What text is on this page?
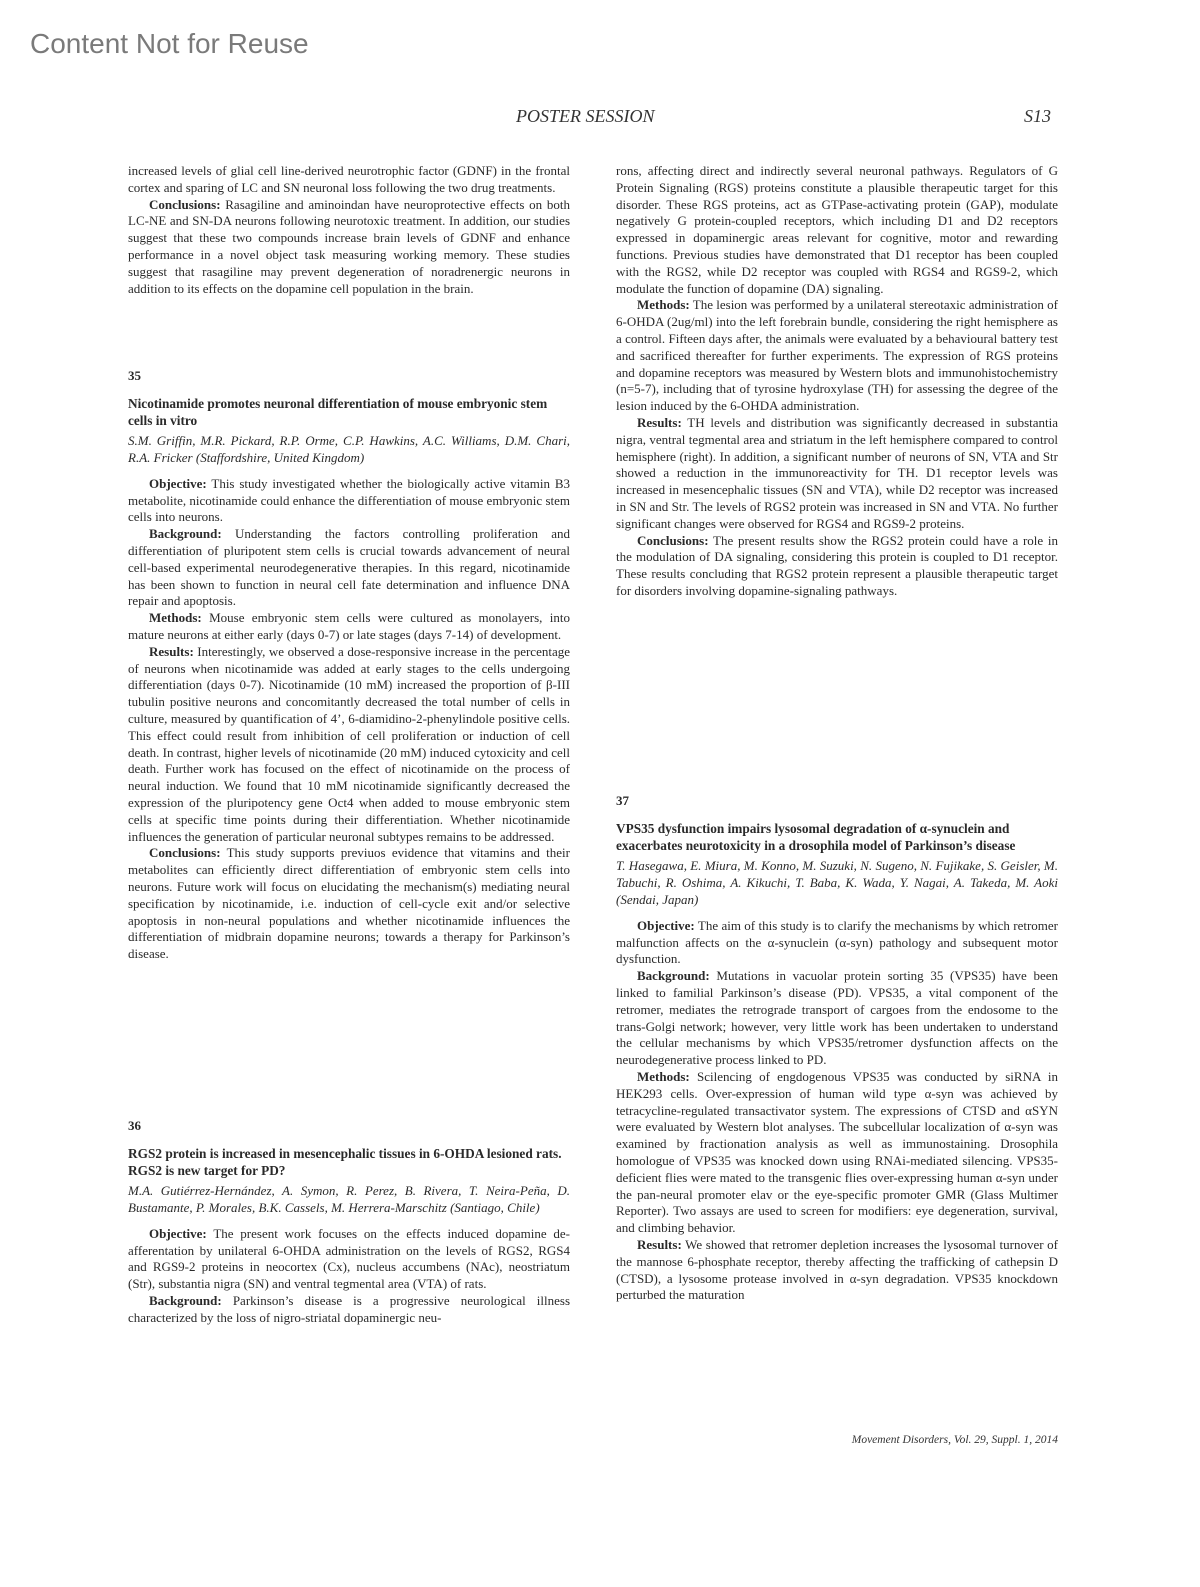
Content Not for Reuse
POSTER SESSION	S13

increased levels of glial cell line-derived neurotrophic factor (GDNF) in the frontal cortex and sparing of LC and SN neuronal loss following the two drug treatments.

Conclusions: Rasagiline and aminoindan have neuroprotective effects on both LC-NE and SN-DA neurons following neurotoxic treatment. In addition, our studies suggest that these two compounds increase brain levels of GDNF and enhance performance in a novel object task measuring working memory. These studies suggest that rasagiline may prevent degeneration of noradrenergic neurons in addition to its effects on the dopamine cell population in the brain.

35
Nicotinamide promotes neuronal differentiation of mouse embryonic stem cells in vitro
S.M. Griffin, M.R. Pickard, R.P. Orme, C.P. Hawkins, A.C. Williams, D.M. Chari, R.A. Fricker (Staffordshire, United Kingdom)

Objective: This study investigated whether the biologically active vitamin B3 metabolite, nicotinamide could enhance the differentiation of mouse embryonic stem cells into neurons.

Background: Understanding the factors controlling proliferation and differentiation of pluripotent stem cells is crucial towards advancement of neural cell-based experimental neurodegenerative therapies. In this regard, nicotinamide has been shown to function in neural cell fate determination and influence DNA repair and apoptosis.

Methods: Mouse embryonic stem cells were cultured as monolayers, into mature neurons at either early (days 0-7) or late stages (days 7-14) of development.

Results: Interestingly, we observed a dose-responsive increase in the percentage of neurons when nicotinamide was added at early stages to the cells undergoing differentiation (days 0-7). Nicotinamide (10 mM) increased the proportion of β-III tubulin positive neurons and concomitantly decreased the total number of cells in culture, measured by quantification of 4’, 6-diamidino-2-phenylindole positive cells. This effect could result from inhibition of cell proliferation or induction of cell death. In contrast, higher levels of nicotinamide (20 mM) induced cytoxicity and cell death. Further work has focused on the effect of nicotinamide on the process of neural induction. We found that 10 mM nicotinamide significantly decreased the expression of the pluripotency gene Oct4 when added to mouse embryonic stem cells at specific time points during their differentiation. Whether nicotinamide influences the generation of particular neuronal subtypes remains to be addressed.

Conclusions: This study supports previuos evidence that vitamins and their metabolites can efficiently direct differentiation of embryonic stem cells into neurons. Future work will focus on elucidating the mechanism(s) mediating neural specification by nicotinamide, i.e. induction of cell-cycle exit and/or selective apoptosis in non-neural populations and whether nicotinamide influences the differentiation of midbrain dopamine neurons; towards a therapy for Parkinson’s disease.

36
RGS2 protein is increased in mesencephalic tissues in 6-OHDA lesioned rats. RGS2 is new target for PD?
M.A. Gutiérrez-Hernández, A. Symon, R. Perez, B. Rivera, T. Neira-Peña, D. Bustamante, P. Morales, B.K. Cassels, M. Herrera-Marschitz (Santiago, Chile)

Objective: The present work focuses on the effects induced dopamine de-afferentation by unilateral 6-OHDA administration on the levels of RGS2, RGS4 and RGS9-2 proteins in neocortex (Cx), nucleus accumbens (NAc), neostriatum (Str), substantia nigra (SN) and ventral tegmental area (VTA) of rats.

Background: Parkinson’s disease is a progressive neurological illness characterized by the loss of nigro-striatal dopaminergic neu-

rons, affecting direct and indirectly several neuronal pathways. Regulators of G Protein Signaling (RGS) proteins constitute a plausible therapeutic target for this disorder. These RGS proteins, act as GTPase-activating protein (GAP), modulate negatively G protein-coupled receptors, which including D1 and D2 receptors expressed in dopaminergic areas relevant for cognitive, motor and rewarding functions. Previous studies have demonstrated that D1 receptor has been coupled with the RGS2, while D2 receptor was coupled with RGS4 and RGS9-2, which modulate the function of dopamine (DA) signaling.

Methods: The lesion was performed by a unilateral stereotaxic administration of 6-OHDA (2ug/ml) into the left forebrain bundle, considering the right hemisphere as a control. Fifteen days after, the animals were evaluated by a behavioural battery test and sacrificed thereafter for further experiments. The expression of RGS proteins and dopamine receptors was measured by Western blots and immunohistochemistry (n=5-7), including that of tyrosine hydroxylase (TH) for assessing the degree of the lesion induced by the 6-OHDA administration.

Results: TH levels and distribution was significantly decreased in substantia nigra, ventral tegmental area and striatum in the left hemisphere compared to control hemisphere (right). In addition, a significant number of neurons of SN, VTA and Str showed a reduction in the immunoreactivity for TH. D1 receptor levels was increased in mesencephalic tissues (SN and VTA), while D2 receptor was increased in SN and Str. The levels of RGS2 protein was increased in SN and VTA. No further significant changes were observed for RGS4 and RGS9-2 proteins.

Conclusions: The present results show the RGS2 protein could have a role in the modulation of DA signaling, considering this protein is coupled to D1 receptor. These results concluding that RGS2 protein represent a plausible therapeutic target for disorders involving dopamine-signaling pathways.

37
VPS35 dysfunction impairs lysosomal degradation of α-synuclein and exacerbates neurotoxicity in a drosophila model of Parkinson’s disease
T. Hasegawa, E. Miura, M. Konno, M. Suzuki, N. Sugeno, N. Fujikake, S. Geisler, M. Tabuchi, R. Oshima, A. Kikuchi, T. Baba, K. Wada, Y. Nagai, A. Takeda, M. Aoki (Sendai, Japan)

Objective: The aim of this study is to clarify the mechanisms by which retromer malfunction affects on the α-synuclein (α-syn) pathology and subsequent motor dysfunction.

Background: Mutations in vacuolar protein sorting 35 (VPS35) have been linked to familial Parkinson’s disease (PD). VPS35, a vital component of the retromer, mediates the retrograde transport of cargoes from the endosome to the trans-Golgi network; however, very little work has been undertaken to understand the cellular mechanisms by which VPS35/retromer dysfunction affects on the neurodegenerative process linked to PD.

Methods: Scilencing of engdogenous VPS35 was conducted by siRNA in HEK293 cells. Over-expression of human wild type α-syn was achieved by tetracycline-regulated transactivator system. The expressions of CTSD and αSYN were evaluated by Western blot analyses. The subcellular localization of α-syn was examined by fractionation analysis as well as immunostaining. Drosophila homologue of VPS35 was knocked down using RNAi-mediated silencing. VPS35-deficient flies were mated to the transgenic flies over-expressing human α-syn under the pan-neural promoter elav or the eye-specific promoter GMR (Glass Multimer Reporter). Two assays are used to screen for modifiers: eye degeneration, survival, and climbing behavior.

Results: We showed that retromer depletion increases the lysosomal turnover of the mannose 6-phosphate receptor, thereby affecting the trafficking of cathepsin D (CTSD), a lysosome protease involved in α-syn degradation. VPS35 knockdown perturbed the maturation

Movement Disorders, Vol. 29, Suppl. 1, 2014
